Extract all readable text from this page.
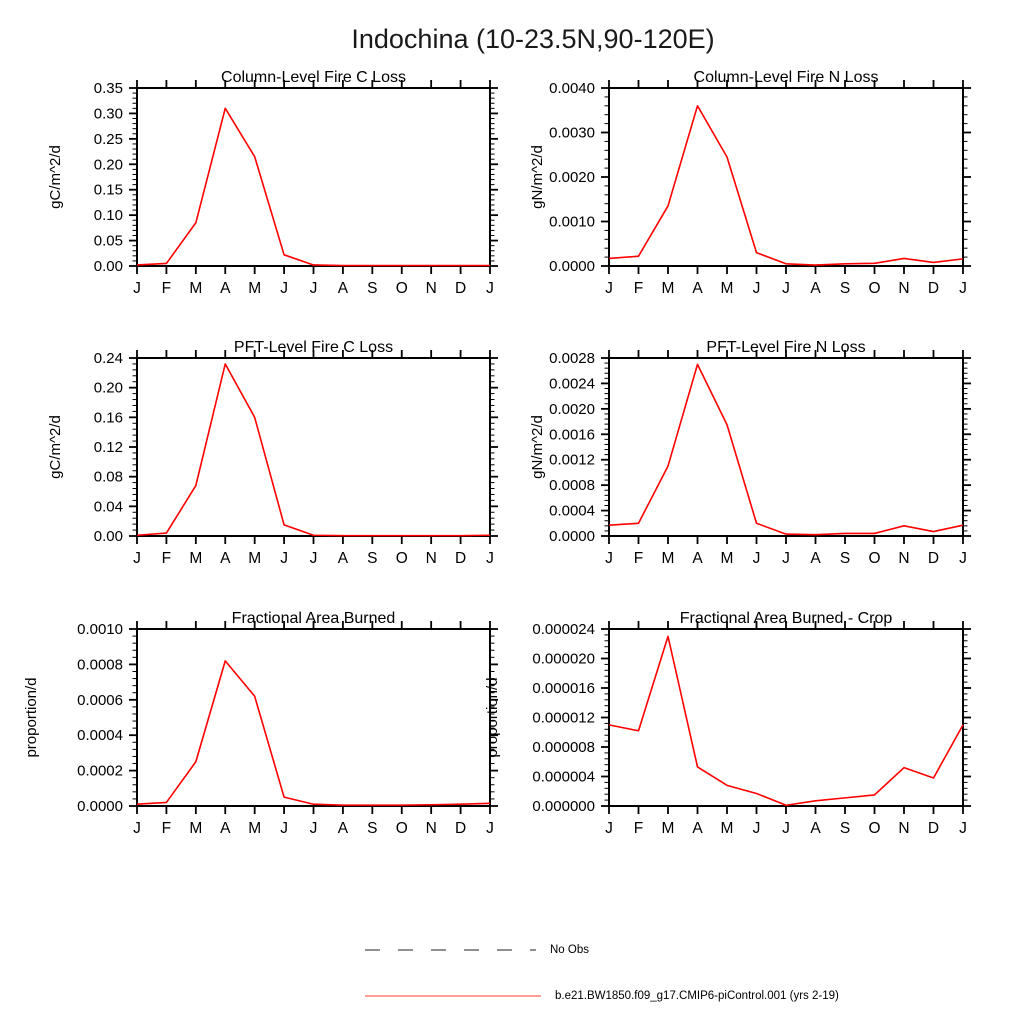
Indochina (10-23.5N,90-120E)
0.00
0.05
0.10
0.15
0.20
0.25
0.30
0.35
J F M A M J J A S O N D J
Column-Level Fire C Loss
gC/m^2/d
0.0000
0.0010
0.0020
0.0030
0.0040
J F M A M J J A S O N D J
Column-Level Fire N Loss
gN/m^2/d
0.00
0.04
0.08
0.12
0.16
0.20
0.24
J F M A M J J A S O N D J
PFT-Level Fire C Loss
gC/m^2/d
0.0000
0.0004
0.0008
0.0012
0.0016
0.0020
0.0024
0.0028
J F M A M J J A S O N D J
PFT-Level Fire N Loss
gN/m^2/d
0.0000
0.0002
0.0004
0.0006
0.0008
0.0010
J F M A M J J A S O N D J
Fractional Area Burned
proportion/d
0.000000
0.000004
0.000008
0.000012
0.000016
0.000020
0.000024
J F M A M J J A S O N D J
Fractional Area Burned - Crop
proportion/d
No Obs
b.e21.BW1850.f09_g17.CMIP6-piControl.001 (yrs 2-19)
